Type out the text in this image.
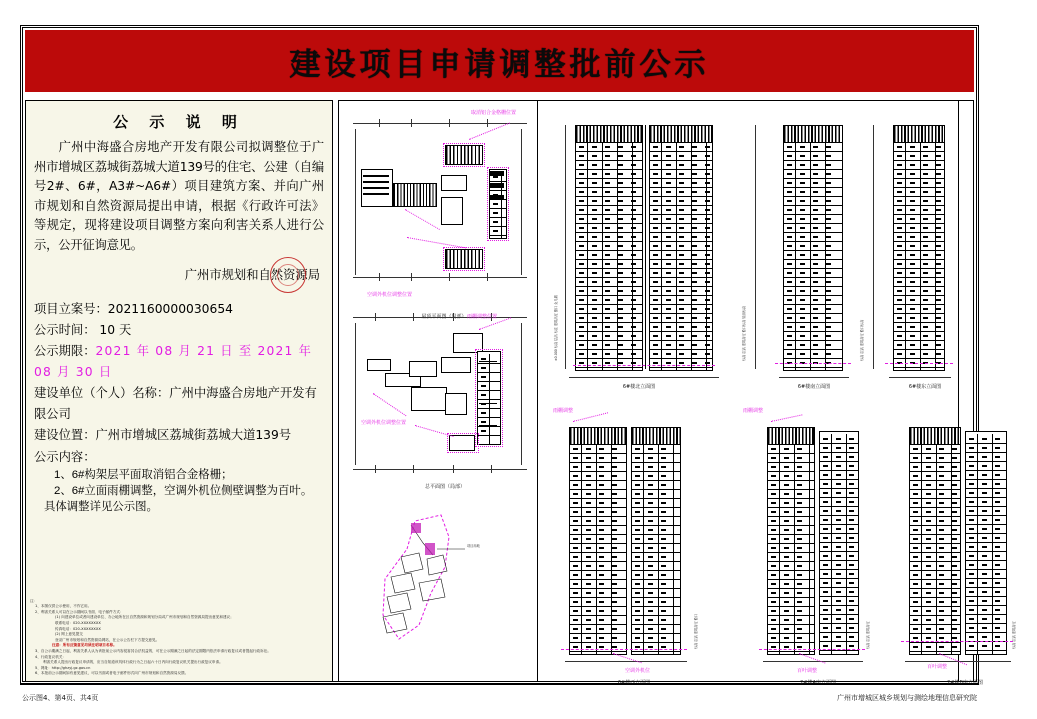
建设项目申请调整批前公示
公 示 说 明
广州中海盛合房地产开发有限公司拟调整位于广州市增城区荔城街荔城大道139号的住宅、公建（自编号2#、6#，A3#~A6#）项目建筑方案、并向广州市规划和自然资源局提出申请，根据《行政许可法》等规定，现将建设项目调整方案向利害关系人进行公示，公开征询意见。
广州市规划和自然资源局
项目立案号：2021160000030654
公示时间： 10 天
公示期限：2021 年 08 月 21 日 至 2021 年 08 月 30 日
建设单位（个人）名称：广州中海盛合房地产开发有限公司
建设位置：广州市增城区荔城街荔城大道139号
公示内容：
1、6#构架层平面取消铝合金格栅；
2、6#立面雨棚调整，空调外机位侧壁调整为百叶。
具体调整详见公示图。
注：
1、本图仅供公示使用，不作它用。
2、利害关系人可以在公示期间以书面、电子邮件方式：
(1) 向建设单位或者向建设单位、办公地所在区自然资源和规划分局或广州市规划和自然资源局提出意见和建议；
联系电话：020-XXXXXXXX
传真电话：020-XXXXXXXX
(2) 网上意见提交
登录广州市规划和自然资源局网站，在公示公告栏下方提交意见。
注意：所有反馈意见均须注明项目名称。
3、自公示期满之日起，利害关系人认为该批前公示内容侵害其合法权益的，可在公示期满之日起的法定期限内依法申请行政复议或者提起行政诉讼。
4、行政复议机关：
利害关系人提出行政复议申请的，应当自知道该具体行政行为之日起六十日内向行政复议机关提出行政复议申请。
5、网址：http://ghzyj.gz.gov.cn
6、本批前公示期间如有意见建议，可以书面或者电子邮件形式向广州市规划和自然资源局反馈。
取消铝合金格栅位置
空调外机位调整位置
屋顶平面图（局部） 雨棚调整位置
空调外机位调整位置
总平面图（局部）
项目用地
±0.000 标高 层高 标注 建筑高度 檐口 女儿墙
6#楼北立面图
标高 层高 建筑高度 檐口标高 屋面标高
6#楼南立面图
标高 层高 建筑高度 檐口标高
6#楼东立面图
标高 层高 建筑高度 檐口
雨棚调整
空调外机位
6#楼西立面图
标高 层高 建筑高度
雨棚调整
百叶调整
2#楼A座立面图
标高 层高 建筑高度
百叶调整
2#楼B座立面图
公示图4、第4页、共4页	广州市增城区城乡规划与测绘地理信息研究院
